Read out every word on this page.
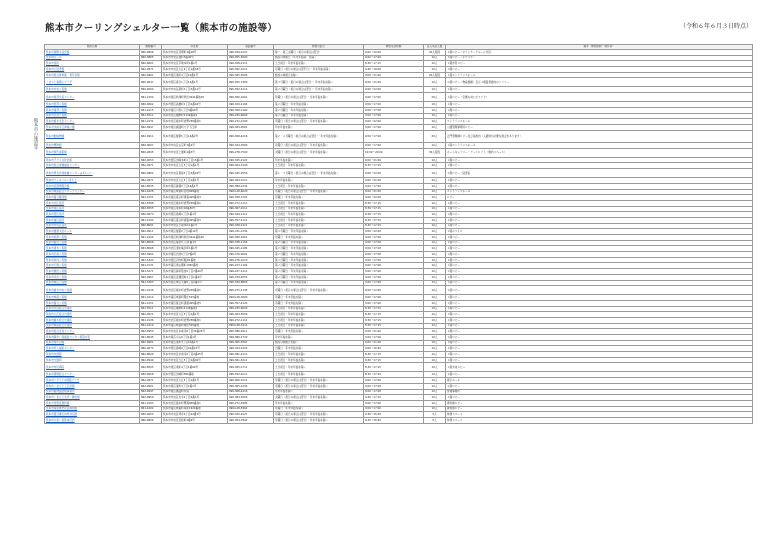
熊本市クーリングシェルター一覧（熊本市の施設等）	（令和６年６月３日時点）
熊本市の施設等
施設名称	郵便番号	所在地	電話番号	開放可能日	開放可能時間	受入可能人数	備考（開放時間・場所等）
熊本市国際交流会館	860-0806	熊本市中央区花畑町4番18号	096-359-2121	第一・第三火曜日（祝日の場合は翌日）	9:00～22:00	30人程度	１階ロビー（ボランティアルーム付近）
熊本城ホール	860-0805	熊本市中央区桜町3番40号	096-355-5000	施設の休館日（年末年始等）を除く	9:00～17:00	10人	３階ロビー（ホワイエ）
熊本市役所	860-8601	熊本市中央区手取本町1番1号	096-328-2111	土日祝日・年末年始を除く	8:30～17:15	10人	１階市民ロビー
熊本市立図書館	862-0971	熊本市中央区大江6丁目1番33号	096-362-0111	月曜日（祝日の場合は翌平日）・年末年始を除く	9:30～18:00	10人	１階ロビー
熊本市総合体育館・青年会館	862-0901	熊本市東区東町3丁目10番1号	096-365-5500	施設の休館日を除く	9:00～21:00	20人程度	１階エントランスホール
くまもと森都心プラザ	860-0047	熊本市西区春日1丁目14番1号	096-355-7400	第３月曜日（祝日の場合は翌日）・年末年始を除く	9:00～21:00	10人	２階ロビー（物産館横）及び３階図書館内のソファー
熊本市中央公民館	860-0004	熊本市中央区新町1丁目3番11号	096-352-4111	第２月曜日（祝日の場合は翌日）・年末年始を除く	9:00～22:00	10人	１階ロビー
熊本市東部交流センター	861-2104	熊本市東区秋津町秋田3441番地20	096-360-1661	月曜日（祝日の場合は翌日）・年末年始を除く	9:00～17:00	20人	１階ロビー（空調の効いたエリア）
熊本市西部公民館	860-0062	熊本市西区高橋町1丁目2番10号	096-329-1104	第２月曜日・年末年始を除く	9:00～17:00	10人	１階ロビー
熊本市南部公民館	861-4115	熊本市南区川尻1丁目3番69号	096-358-1160	第２月曜日・年末年始を除く	9:00～17:00	10人	１階ロビー
熊本市北部公民館	861-5511	熊本市北区楠野町1149番地1	096-245-6060	第２月曜日・年末年始を除く	9:00～17:00	10人	１階ロビー
熊本市植木文化センター	861-0131	熊本市北区植木町岩野238番地1	096-272-2100	月曜日（祝日の場合は翌日）・年末年始を除く	9:00～22:00	10人	エントランスホール
熊本市水前寺江津湖公園	862-0947	熊本市東区画図町大字下江津	096-383-0501	年末年始を除く	9:00～17:00	10人	公園管理事務所ロビー
熊本市動植物園	862-0911	熊本市東区健軍5丁目14番2号	096-368-4416	第２・４月曜日（祝日の場合は翌日）・年末年始を除く	9:00～17:00	20人	正門管理棟ロビー及び各館内（入園料が必要な場合があります）
熊本市博物館	860-0007	熊本市中央区古京町3番2号	096-324-3500	月曜日（祝日の場合は翌日）・年末年始を除く	9:00～17:00	10人	１階エントランスホール
熊本市現代美術館	860-0845	熊本市中央区上通町2番3号	096-278-7500	火曜日（祝日の場合は翌日）・年末年始を除く	10:00～20:00	30人程度	ホームギャラリー・アートロフト（無料スペース）
熊本市子ども文化会館	860-0053	熊本市西区田崎本町2丁目15番1号	096-325-2122	年末年始を除く	9:00～21:00	10人	１階ロビー
熊本市総合保健福祉センター	862-0971	熊本市中央区大江5丁目1番1号	096-364-3100	土日祝日・年末年始を除く	8:30～17:15	10人	１階ロビー
熊本市男女共同参画センターはあもにい	860-0862	熊本市中央区黒髪3丁目3番16号	096-345-2550	第１・３月曜日（祝日の場合は翌日）・年末年始を除く	9:00～22:00	10人	１階ロビー・図書室
熊本市ウェルパルくまもと	862-0971	熊本市中央区大江5丁目1番1号	096-364-3111	年末年始を除く	9:00～21:00	20人	１階ロビー
熊本市流通情報会館	861-8035	熊本市東区御領2丁目16番1号	096-389-1234	土日祝日・年末年始を除く	9:00～17:00	10人	１階ロビー
熊本市城南総合スポーツセンター	861-4226	熊本市南区城南町宮地948番地	0964-28-6020	月曜日（祝日の場合は翌日）・年末年始を除く	9:00～21:00	10人	エントランスホール
熊本市富合雁回館	861-4151	熊本市南区富合町清藤405番地3	096-358-7222	月曜日・年末年始を除く	9:00～22:00	10人	ロビー
熊本市北区役所	861-5588	熊本市北区植木町岩野238番地1	096-272-1111	土日祝日・年末年始を除く	8:30～17:15	10人	１階ロビー
熊本市東区役所	862-8555	熊本市東区東本町16番30号	096-367-9111	土日祝日・年末年始を除く	8:30～17:15	10人	１階ロビー
熊本市西区役所	860-0073	熊本市西区島崎1丁目1番1号	096-329-1111	土日祝日・年末年始を除く	8:30～17:15	10人	１階ロビー
熊本市南区役所	861-4193	熊本市南区富合町清藤405番地3	096-357-4111	土日祝日・年末年始を除く	8:30～17:15	10人	１階ロビー
熊本市中央区役所	860-8601	熊本市中央区手取本町1番1号	096-328-2111	土日祝日・年末年始を除く	8:30～17:15	10人	１階ロビー
熊本市健軍文化ホール	862-0911	熊本市東区健軍2丁目4番10号	096-331-1234	第４月曜日・年末年始を除く	9:00～22:00	10人	１階ホワイエ
熊本市秋津公民館	861-2104	熊本市東区秋津町秋田3441番地20	096-360-1661	月曜日・年末年始を除く	9:00～17:00	10人	１階ロビー
熊本市龍田公民館	861-8006	熊本市北区龍田3丁目1番1号	096-338-1154	第２月曜日・年末年始を除く	9:00～17:00	10人	１階ロビー
熊本市清水公民館	861-8068	熊本市北区清水亀井町1番1号	096-345-1184	第２月曜日・年末年始を除く	9:00～17:00	10人	１階ロビー
熊本市託麻公民館	862-0962	熊本市南区田迎5丁目7番6号	096-370-0001	第２月曜日・年末年始を除く	9:00～17:00	10人	１階ロビー
熊本市河内公民館	861-5343	熊本市西区河内町船津1番地	096-276-1010	第２月曜日・年末年始を除く	9:00～17:00	10人	１階ロビー
熊本市天明公民館	861-4131	熊本市南区奥古閑町1950番地	096-223-1164	第２月曜日・年末年始を除く	9:00～17:00	10人	１階ロビー
熊本市飽田公民館	861-5271	熊本市南区御幸笛田6丁目7番40号	096-227-1111	第２月曜日・年末年始を除く	9:00～17:00	10人	１階ロビー
熊本市幸田公民館	862-0967	熊本市南区流通団地1丁目1番4号	096-379-4051	第２月曜日・年末年始を除く	9:00～17:00	10人	１階ロビー
熊本市城山公民館	861-5363	熊本市西区城山大塘5丁目2番1号	096-329-8800	第２月曜日・年末年始を除く	9:00～17:00	10人	１階ロビー
熊本市植木中央公民館	861-0136	熊本市北区植木町岩野238番地1	096-272-1135	月曜日（祝日の場合は翌日）・年末年始を除く	9:00～22:00	10人	１階ロビー
熊本市城南公民館	861-4214	熊本市南区城南町隈庄525番地	0964-28-3000	月曜日・年末年始を除く	9:00～17:00	10人	１階ロビー
熊本市富合公民館	861-4151	熊本市南区富合町清藤405番地3	096-357-4122	月曜日・年末年始を除く	9:00～17:00	10人	１階ロビー
熊本市北部総合出張所	861-5511	熊本市北区楠野町1149番地1	096-245-6000	土日祝日・年末年始を除く	8:30～17:15	10人	１階ロビー
熊本市大江総合出張所	862-0971	熊本市中央区大江5丁目1番1号	096-363-5550	土日祝日・年末年始を除く	8:30～17:15	10人	１階ロビー
熊本市植木総合出張所	861-0136	熊本市北区植木町岩野238番地1	096-272-1111	土日祝日・年末年始を除く	8:30～17:15	10人	１階ロビー
熊本市城南総合出張所	861-4214	熊本市南区城南町隈庄525番地	0964-28-3111	土日祝日・年末年始を除く	8:30～17:15	10人	１階ロビー
熊本市総合女性センター	862-0950	熊本市中央区水前寺6丁目34番25号	096-386-2911	月曜日・年末年始を除く	9:00～21:00	10人	１階ロビー
熊本市障がい者福祉センター希望の里	861-8045	熊本市東区小山6丁目1番1号	096-380-2720	年末年始を除く	9:00～17:00	10人	１階ロビー
熊本市青年会館	862-0901	熊本市東区東町3丁目10番1号	096-365-5501	施設の休館日を除く	9:00～21:00	10人	１階ロビー
熊本市老人福祉センター	860-0073	熊本市西区島崎2丁目22番15号	096-324-1222	日曜日・年末年始を除く	9:00～16:30	10人	１階ロビー
熊本市水道局	862-8620	熊本市中央区水前寺6丁目2番45号	096-381-4111	土日祝日・年末年始を除く	8:30～17:15	10人	１階ロビー
熊本市交通局	862-0949	熊本市中央区大江5丁目1番40号	096-361-5211	土日祝日・年末年始を除く	8:30～17:15	10人	１階ロビー
熊本市市民病院	862-8505	熊本市東区東町4丁目1番60号	096-365-1711	土日祝日・年末年始を除く	8:30～17:15	10人	１階外来ロビー
熊本市環境総合センター	860-0058	熊本市西区田崎町380番地	096-352-6111	土日祝日・年末年始を除く	8:30～17:15	10人	１階ロビー
熊本市リサイクル情報プラザ	862-0971	熊本市中央区大江5丁目1番1号	096-366-0111	月曜日（祝日の場合は翌日）・年末年始を除く	9:00～17:00	10人	展示ホール
熊本市くまもと工芸会館	862-0901	熊本市東区東町3丁目1番1号	096-365-1234	月曜日（祝日の場合は翌日）・年末年始を除く	9:00～17:00	10人	１階ロビー
熊本市植物園管理事務所	862-0947	熊本市東区画図町所島	096-368-4416	年末年始を除く	9:00～17:00	10人	管理事務所
熊本市くまもと文学・歴史館	862-0950	熊本市中央区出水2丁目5番1号	096-384-5000	火曜日（祝日の場合は翌日）・年末年始を除く	9:30～17:15	10人	１階ロビー
熊本市田原坂資料館	861-0163	熊本市北区植木町豊岡858番地1	096-272-4982	年末年始を除く	9:00～17:00	10人	資料館ロビー
熊本市塚原歴史民俗資料館	861-4202	熊本市南区城南町塚原1924番地	0964-28-5962	月曜日・年末年始を除く	9:00～17:00	10人	資料館ロビー
熊本市夏目漱石内坪井旧居	860-0003	熊本市中央区坪井4丁目22番1号	096-325-9127	月曜日（祝日の場合は翌日）・年末年始を除く	9:30～16:30	5人	休憩スペース
熊本市小泉八雲熊本旧居	860-0806	熊本市中央区安政町2番6号	096-354-7842	月曜日（祝日の場合は翌日）・年末年始を除く	9:30～16:30	5人	休憩スペース
